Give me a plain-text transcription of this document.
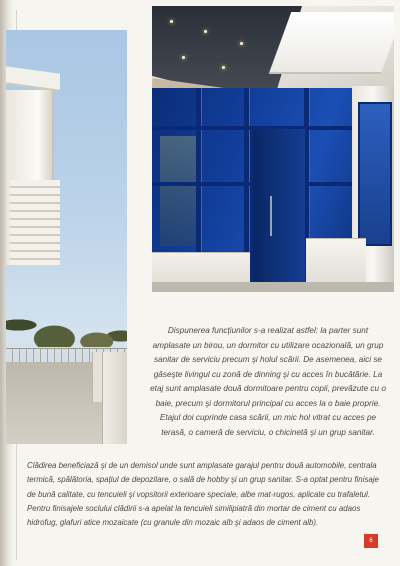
Dispunerea funcţiunilor s-a realizat astfel: la parter sunt amplasate un birou, un dormitor cu utilizare ocazională, un grup sanitar de serviciu precum şi holul scării. De asemenea, aici se găseşte livingul cu zonă de dinning şi cu acces în bucătărie. La etaj sunt amplasate două dormitoare pentru copii, prevăzute cu o baie, precum şi dormitorul principal cu acces la o baie proprie. Etajul doi cuprinde casa scării, un mic hol vitrat cu acces pe terasă, o cameră de serviciu, o chicinetă şi un grup sanitar.

Clădirea beneficiază şi de un demisol unde sunt amplasate garajul pentru două automobile, centrala termică, spălătoria, spaţiul de depozitare, o sală de hobby şi un grup sanitar. S-a optat pentru finisaje de bună calitate, cu tencuieli şi vopsitorii exterioare speciale, albe mat-rugos, aplicate cu trafaletul. Pentru finisajele soclului clădirii s-a apelat la tencuieli similipiatră din mortar de ciment cu adaos hidrofug, glafuri atice mozaicate (cu granule din mozaic alb şi adaos de ciment alb).

6
